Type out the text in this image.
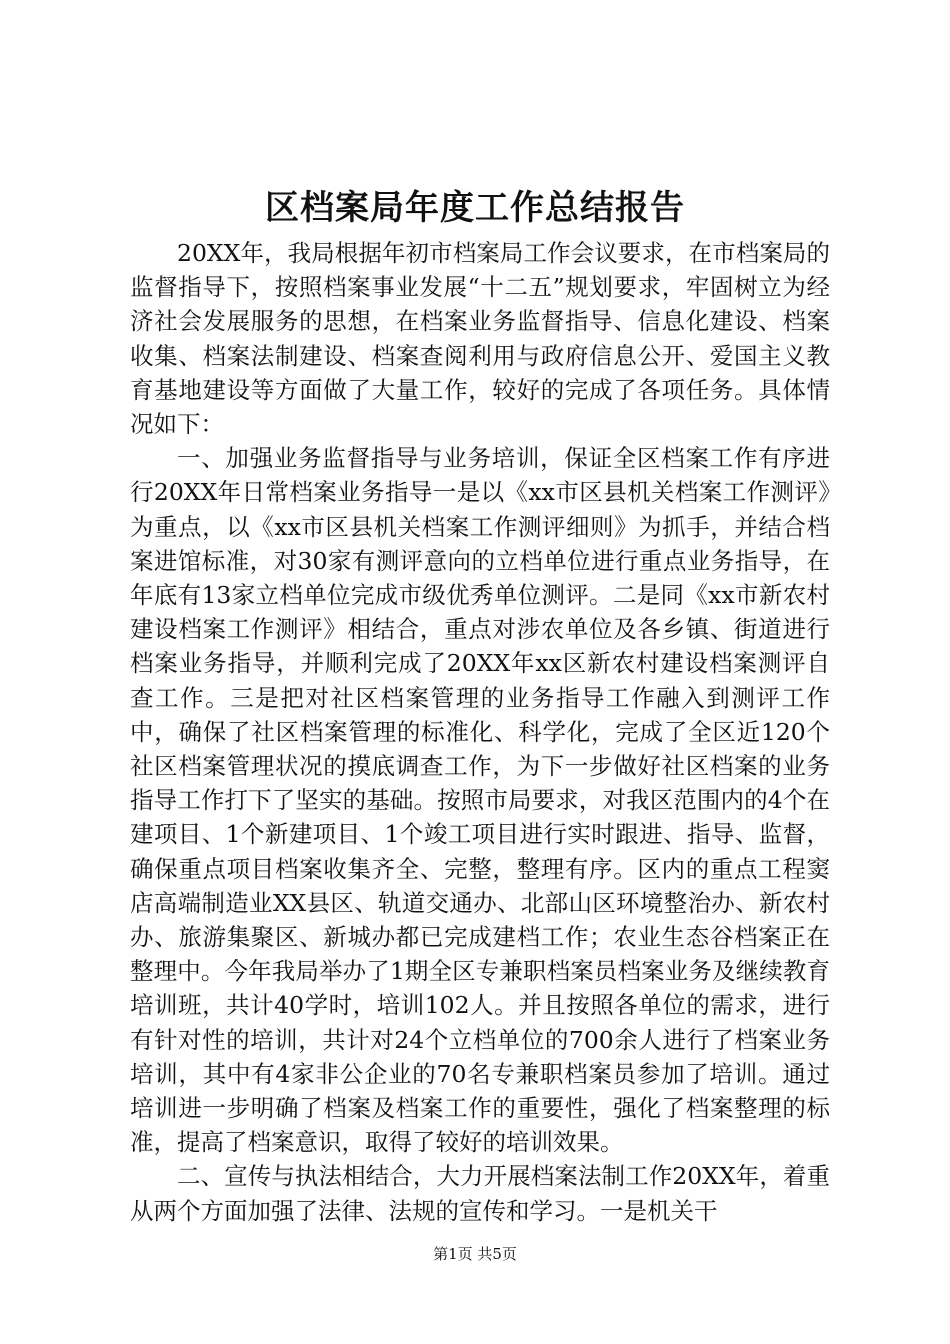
区档案局年度工作总结报告

20XX年，我局根据年初市档案局工作会议要求，在市档案局的监督指导下，按照档案事业发展“十二五”规划要求，牢固树立为经济社会发展服务的思想，在档案业务监督指导、信息化建设、档案收集、档案法制建设、档案查阅利用与政府信息公开、爱国主义教育基地建设等方面做了大量工作，较好的完成了各项任务。具体情况如下：

一、加强业务监督指导与业务培训，保证全区档案工作有序进行20XX年日常档案业务指导一是以《xx市区县机关档案工作测评》为重点，以《xx市区县机关档案工作测评细则》为抓手，并结合档案进馆标准，对30家有测评意向的立档单位进行重点业务指导，在年底有13家立档单位完成市级优秀单位测评。二是同《xx市新农村建设档案工作测评》相结合，重点对涉农单位及各乡镇、街道进行档案业务指导，并顺利完成了20XX年xx区新农村建设档案测评自查工作。三是把对社区档案管理的业务指导工作融入到测评工作中，确保了社区档案管理的标准化、科学化，完成了全区近120个社区档案管理状况的摸底调查工作，为下一步做好社区档案的业务指导工作打下了坚实的基础。按照市局要求，对我区范围内的4个在建项目、1个新建项目、1个竣工项目进行实时跟进、指导、监督，确保重点项目档案收集齐全、完整，整理有序。区内的重点工程窦店高端制造业XX县区、轨道交通办、北部山区环境整治办、新农村办、旅游集聚区、新城办都已完成建档工作；农业生态谷档案正在整理中。今年我局举办了1期全区专兼职档案员档案业务及继续教育培训班，共计40学时，培训102人。并且按照各单位的需求，进行有针对性的培训，共计对24个立档单位的700余人进行了档案业务培训，其中有4家非公企业的70名专兼职档案员参加了培训。通过培训进一步明确了档案及档案工作的重要性，强化了档案整理的标准，提高了档案意识，取得了较好的培训效果。

二、宣传与执法相结合，大力开展档案法制工作20XX年，着重从两个方面加强了法律、法规的宣传和学习。一是机关干

第1页 共5页
